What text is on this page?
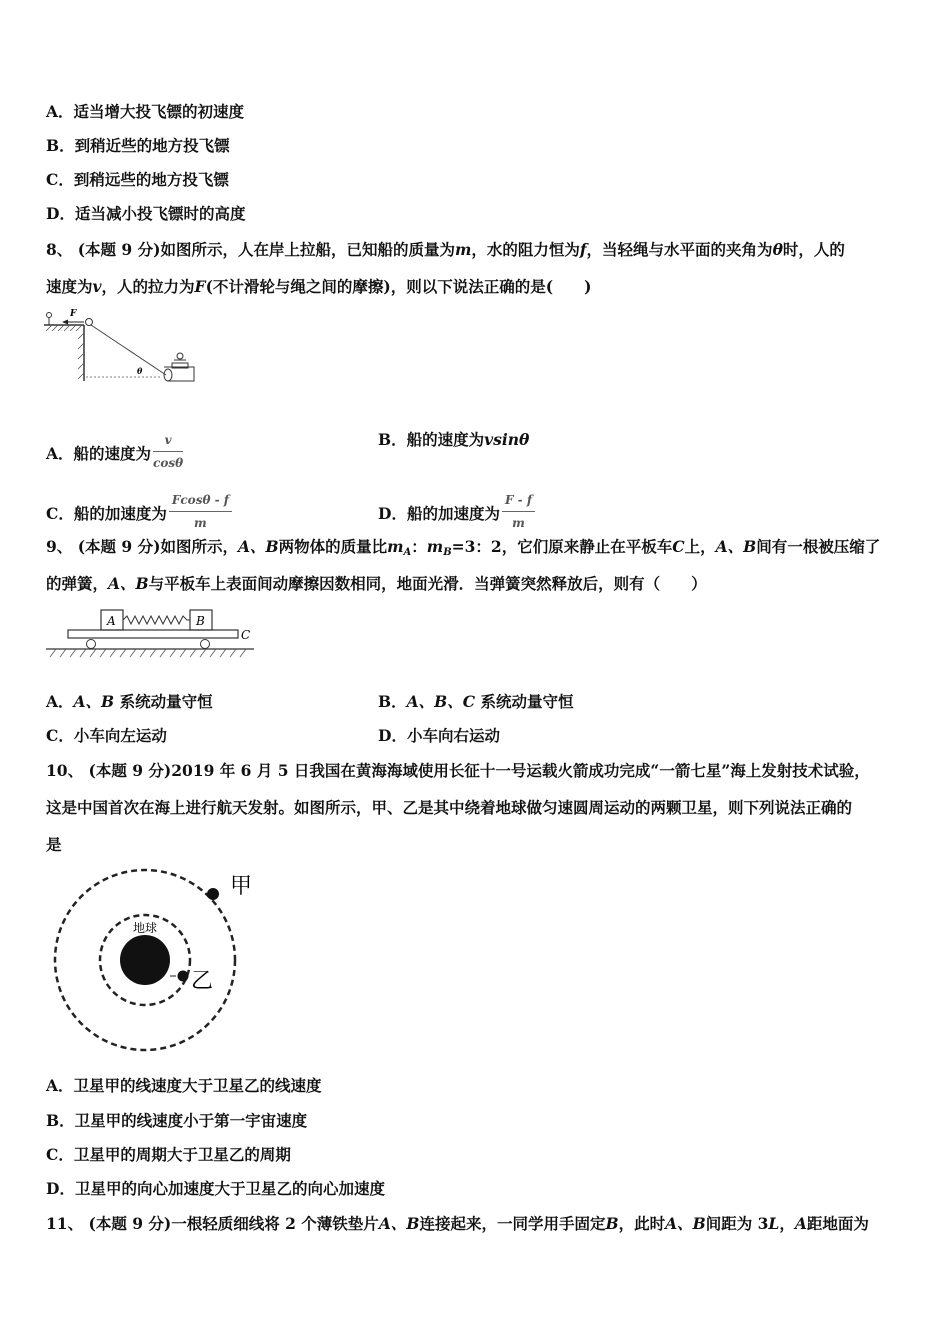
A．适当增大投飞镖的初速度
B．到稍近些的地方投飞镖
C．到稍远些的地方投飞镖
D．适当减小投飞镖时的高度
8、 (本题 9 分)如图所示，人在岸上拉船，已知船的质量为m，水的阻力恒为f，当轻绳与水平面的夹角为θ时，人的
速度为v，人的拉力为F(不计滑轮与绳之间的摩擦)，则以下说法正确的是(　　)
F
θ
A．船的速度为 $\frac{v}{\cos\theta}$	B．船的速度为vsinθ
C．船的加速度为 $\frac{Fcos\theta - f}{m}$	D．船的加速度为 $\frac{F - f}{m}$
9、 (本题 9 分)如图所示，A、B两物体的质量比$m_A$：$m_B=3$：2，它们原来静止在平板车C上，A、B间有一根被压缩了
的弹簧，A、B与平板车上表面间动摩擦因数相同，地面光滑．当弹簧突然释放后，则有（　　）
A	B
C
A．A、B 系统动量守恒	B．A、B、C 系统动量守恒
C．小车向左运动	D．小车向右运动
10、 (本题 9 分)2019 年 6 月 5 日我国在黄海海域使用长征十一号运载火箭成功完成“一箭七星”海上发射技术试验，
这是中国首次在海上进行航天发射。如图所示，甲、乙是其中绕着地球做匀速圆周运动的两颗卫星，则下列说法正确的
是
地球
甲
乙
A．卫星甲的线速度大于卫星乙的线速度
B．卫星甲的线速度小于第一宇宙速度
C．卫星甲的周期大于卫星乙的周期
D．卫星甲的向心加速度大于卫星乙的向心加速度
11、 (本题 9 分)一根轻质细线将 2 个薄铁垫片A、B连接起来，一同学用手固定B，此时A、B间距为 3L，A距地面为
